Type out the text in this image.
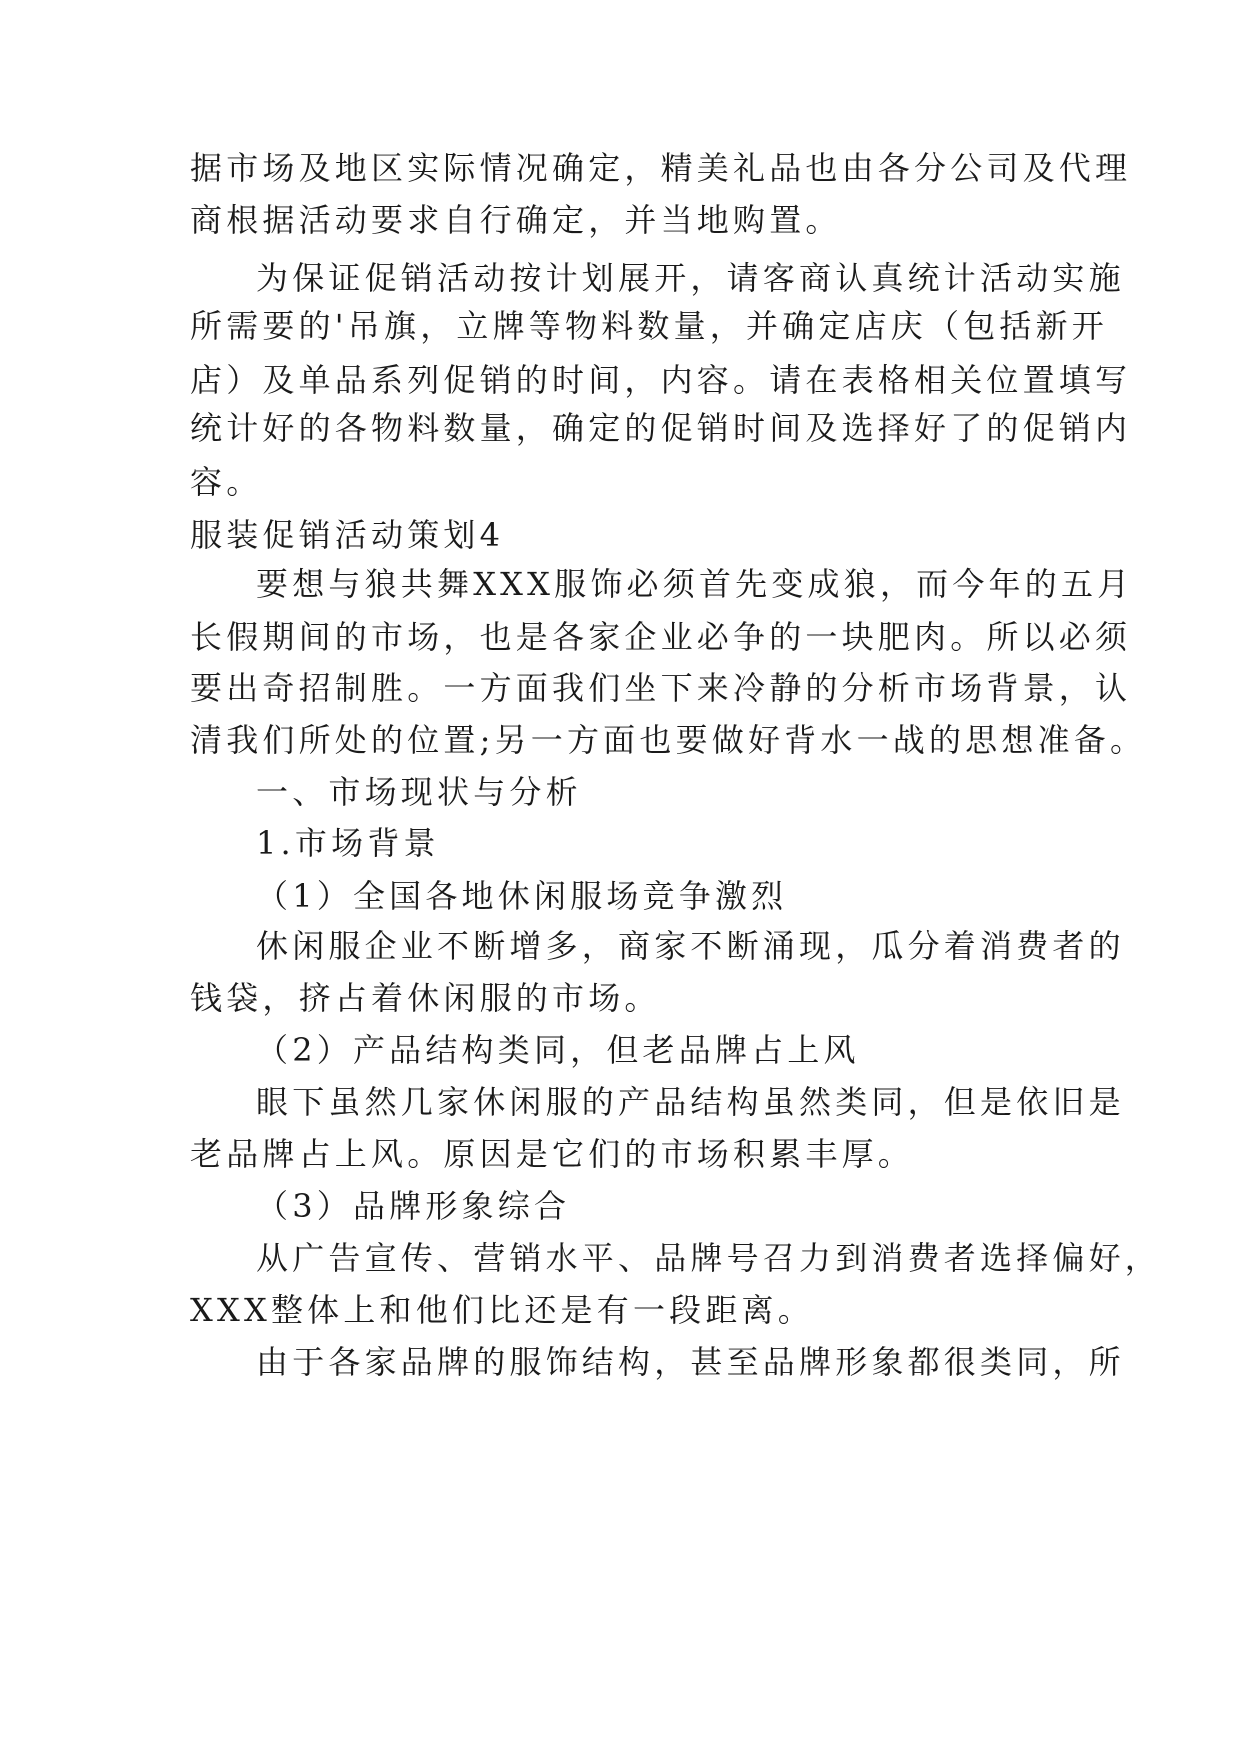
据市场及地区实际情况确定，精美礼品也由各分公司及代理
商根据活动要求自行确定，并当地购置。
为保证促销活动按计划展开，请客商认真统计活动实施
所需要的'吊旗，立牌等物料数量，并确定店庆（包括新开
店）及单品系列促销的时间，内容。请在表格相关位置填写
统计好的各物料数量，确定的促销时间及选择好了的促销内
容。
服装促销活动策划4
要想与狼共舞XXX服饰必须首先变成狼，而今年的五月
长假期间的市场，也是各家企业必争的一块肥肉。所以必须
要出奇招制胜。一方面我们坐下来冷静的分析市场背景，认
清我们所处的位置;另一方面也要做好背水一战的思想准备。
一、市场现状与分析
1.市场背景
（1）全国各地休闲服场竞争激烈
休闲服企业不断增多，商家不断涌现，瓜分着消费者的
钱袋，挤占着休闲服的市场。
（2）产品结构类同，但老品牌占上风
眼下虽然几家休闲服的产品结构虽然类同，但是依旧是
老品牌占上风。原因是它们的市场积累丰厚。
（3）品牌形象综合
从广告宣传、营销水平、品牌号召力到消费者选择偏好，
XXX整体上和他们比还是有一段距离。
由于各家品牌的服饰结构，甚至品牌形象都很类同，所
